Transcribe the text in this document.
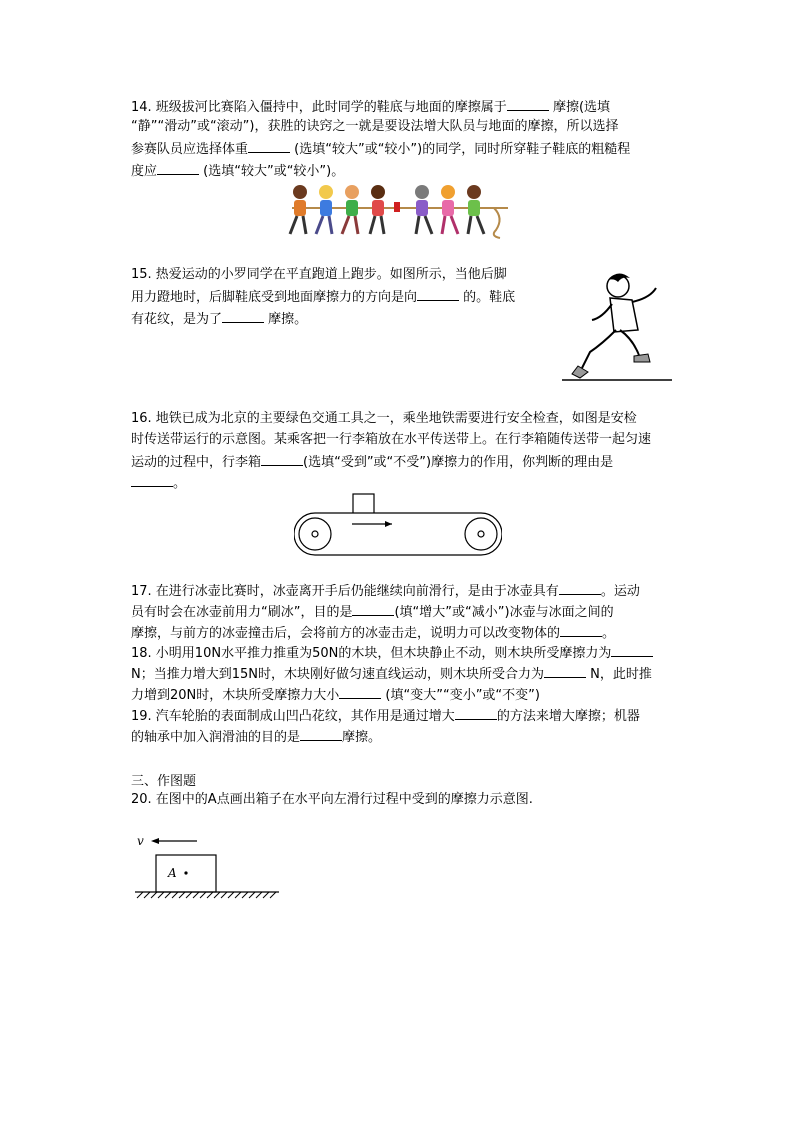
14. 班级拔河比赛陷入僵持中，此时同学的鞋底与地面的摩擦属于	摩擦(选填
“静”“滑动”或“滚动”)，获胜的诀窍之一就是要设法增大队员与地面的摩擦，所以选择
参赛队员应选择体重	(选填“较大”或“较小”)的同学，同时所穿鞋子鞋底的粗糙程
度应	(选填“较大”或“较小”)。
15. 热爱运动的小罗同学在平直跑道上跑步。如图所示，当他后脚
用力蹬地时，后脚鞋底受到地面摩擦力的方向是向	的。鞋底
有花纹，是为了	摩擦。
16. 地铁已成为北京的主要绿色交通工具之一，乘坐地铁需要进行安全检查，如图是安检
时传送带运行的示意图。某乘客把一行李箱放在水平传送带上。在行李箱随传送带一起匀速
运动的过程中，行李箱	(选填“受到”或“不受”)摩擦力的作用，你判断的理由是
。
17. 在进行冰壶比赛时，冰壶离开手后仍能继续向前滑行，是由于冰壶具有	。运动
员有时会在冰壶前用力“刷冰”，目的是	(填“增大”或“减小”)冰壶与冰面之间的
摩擦，与前方的冰壶撞击后，会将前方的冰壶击走，说明力可以改变物体的	。
18. 小明用10N水平推力推重为50N的木块，但木块静止不动，则木块所受摩擦力为
N；当推力增大到15N时，木块刚好做匀速直线运动，则木块所受合力为	N，此时推
力增到20N时，木块所受摩擦力大小	(填“变大”“变小”或“不变”)
19. 汽车轮胎的表面制成山凹凸花纹，其作用是通过增大	的方法来增大摩擦；机器
的轴承中加入润滑油的目的是	摩擦。
三、作图题
20. 在图中的A点画出箱子在水平向左滑行过程中受到的摩擦力示意图.
v
A
